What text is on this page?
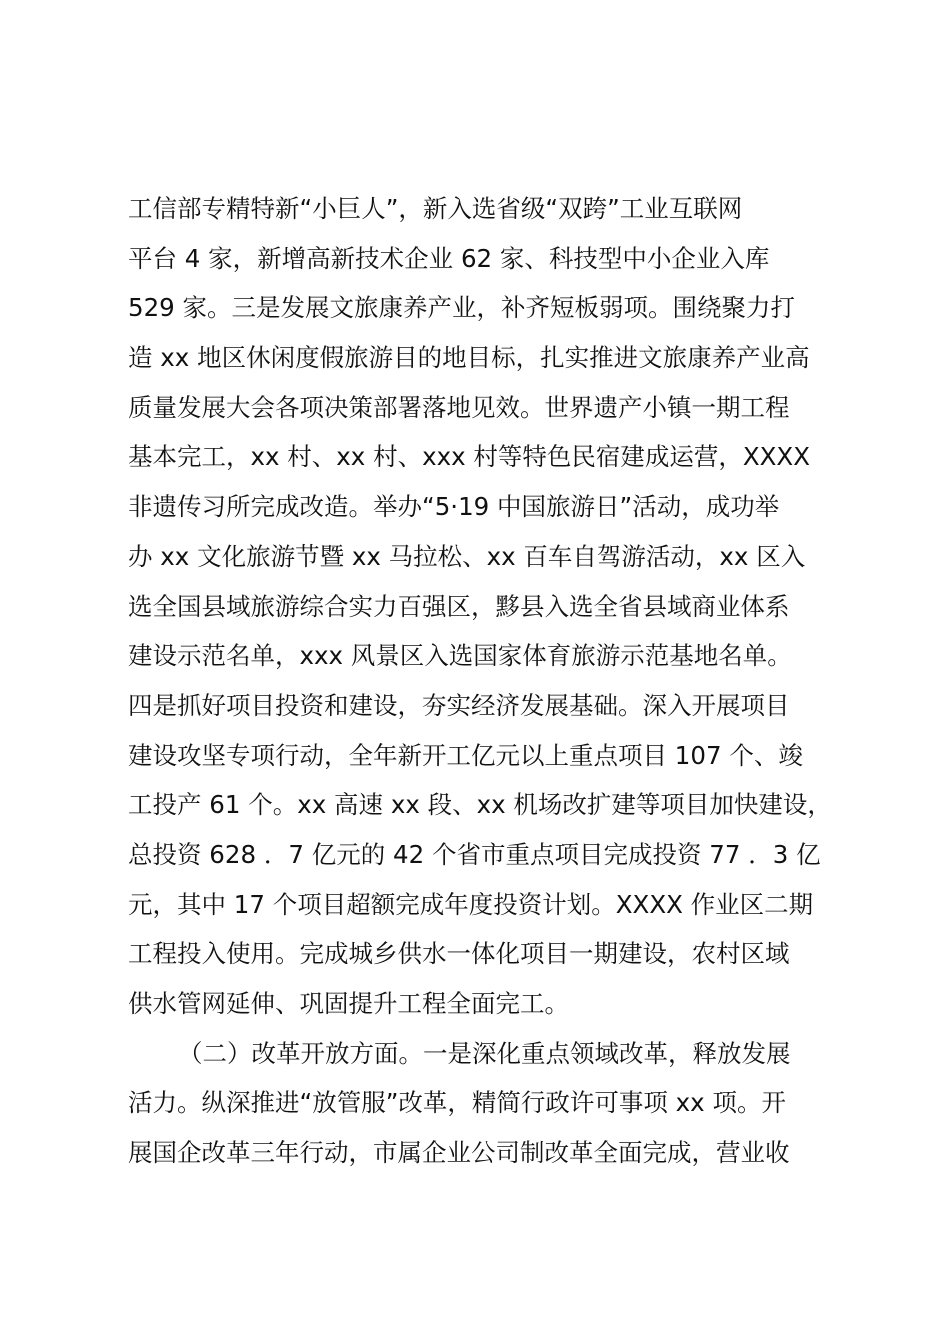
工信部专精特新“小巨人”，新入选省级“双跨”工业互联网
平台 4 家，新增高新技术企业 62 家、科技型中小企业入库
529 家。三是发展文旅康养产业，补齐短板弱项。围绕聚力打
造 xx 地区休闲度假旅游目的地目标，扎实推进文旅康养产业高
质量发展大会各项决策部署落地见效。世界遗产小镇一期工程
基本完工，xx 村、xx 村、xxx 村等特色民宿建成运营，XXXX
非遗传习所完成改造。举办“5·19 中国旅游日”活动，成功举
办 xx 文化旅游节暨 xx 马拉松、xx 百车自驾游活动，xx 区入
选全国县域旅游综合实力百强区，黟县入选全省县域商业体系
建设示范名单，xxx 风景区入选国家体育旅游示范基地名单。
四是抓好项目投资和建设，夯实经济发展基础。深入开展项目
建设攻坚专项行动，全年新开工亿元以上重点项目 107 个、竣
工投产 61 个。xx 高速 xx 段、xx 机场改扩建等项目加快建设，
总投资 628 ．7 亿元的 42 个省市重点项目完成投资 77 ．3 亿
元，其中 17 个项目超额完成年度投资计划。XXXX 作业区二期
工程投入使用。完成城乡供水一体化项目一期建设，农村区域
供水管网延伸、巩固提升工程全面完工。
（二）改革开放方面。一是深化重点领域改革，释放发展
活力。纵深推进“放管服”改革，精简行政许可事项 xx 项。开
展国企改革三年行动，市属企业公司制改革全面完成，营业收
